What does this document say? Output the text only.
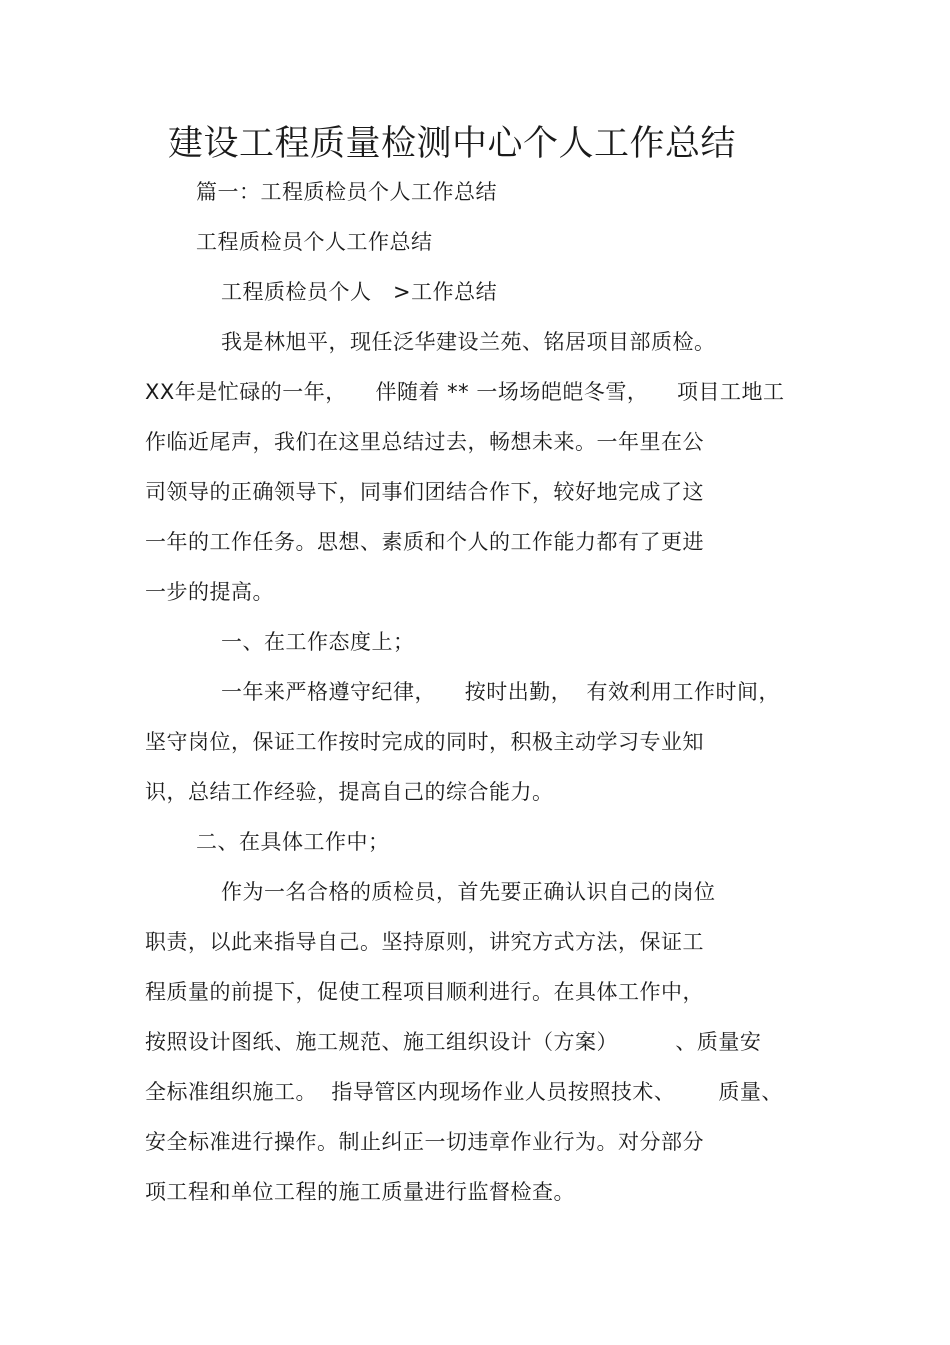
建设工程质量检测中心个人工作总结
篇一：工程质检员个人工作总结
工程质检员个人工作总结
工程质检员个人   >工作总结
我是林旭平，现任泛华建设兰苑、铭居项目部质检。
XX年是忙碌的一年，    伴随着 ** 一场场皑皑冬雪，    项目工地工
作临近尾声，我们在这里总结过去，畅想未来。一年里在公
司领导的正确领导下，同事们团结合作下，较好地完成了这
一年的工作任务。思想、素质和个人的工作能力都有了更进
一步的提高。
一、在工作态度上；
一年来严格遵守纪律，    按时出勤，  有效利用工作时间，
坚守岗位，保证工作按时完成的同时，积极主动学习专业知
识，总结工作经验，提高自己的综合能力。
二、在具体工作中；
作为一名合格的质检员，首先要正确认识自己的岗位
职责，以此来指导自己。坚持原则，讲究方式方法，保证工
程质量的前提下，促使工程项目顺利进行。在具体工作中，
按照设计图纸、施工规范、施工组织设计（方案）        、质量安
全标准组织施工。  指导管区内现场作业人员按照技术、      质量、
安全标准进行操作。制止纠正一切违章作业行为。对分部分
项工程和单位工程的施工质量进行监督检查。
